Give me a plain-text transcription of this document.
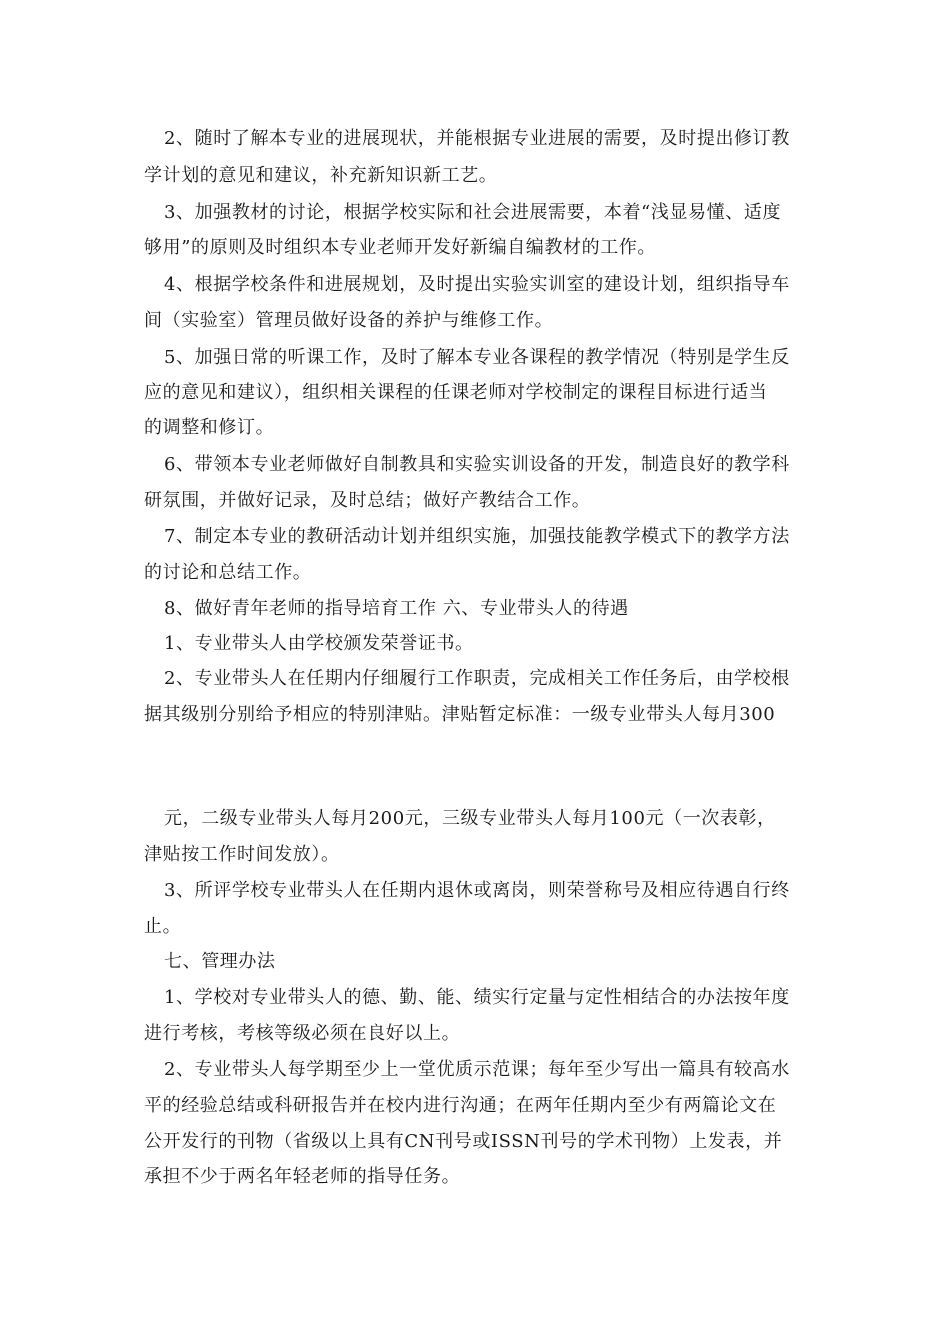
2、随时了解本专业的进展现状，并能根据专业进展的需要，及时提出修订教
学计划的意见和建议，补充新知识新工艺。
3、加强教材的讨论，根据学校实际和社会进展需要，本着“浅显易懂、适度
够用”的原则及时组织本专业老师开发好新编自编教材的工作。
4、根据学校条件和进展规划，及时提出实验实训室的建设计划，组织指导车
间（实验室）管理员做好设备的养护与维修工作。
5、加强日常的听课工作，及时了解本专业各课程的教学情况（特别是学生反
应的意见和建议），组织相关课程的任课老师对学校制定的课程目标进行适当
的调整和修订。
6、带领本专业老师做好自制教具和实验实训设备的开发，制造良好的教学科
研氛围，并做好记录，及时总结；做好产教结合工作。
7、制定本专业的教研活动计划并组织实施，加强技能教学模式下的教学方法
的讨论和总结工作。
8、做好青年老师的指导培育工作 六、专业带头人的待遇
1、专业带头人由学校颁发荣誉证书。
2、专业带头人在任期内仔细履行工作职责，完成相关工作任务后，由学校根
据其级别分别给予相应的特别津贴。津贴暂定标准：一级专业带头人每月300
元，二级专业带头人每月200元，三级专业带头人每月100元（一次表彰，
津贴按工作时间发放）。
3、所评学校专业带头人在任期内退休或离岗，则荣誉称号及相应待遇自行终
止。
七、管理办法
1、学校对专业带头人的德、勤、能、绩实行定量与定性相结合的办法按年度
进行考核，考核等级必须在良好以上。
2、专业带头人每学期至少上一堂优质示范课；每年至少写出一篇具有较高水
平的经验总结或科研报告并在校内进行沟通；在两年任期内至少有两篇论文在
公开发行的刊物（省级以上具有CN刊号或ISSN刊号的学术刊物）上发表，并
承担不少于两名年轻老师的指导任务。
